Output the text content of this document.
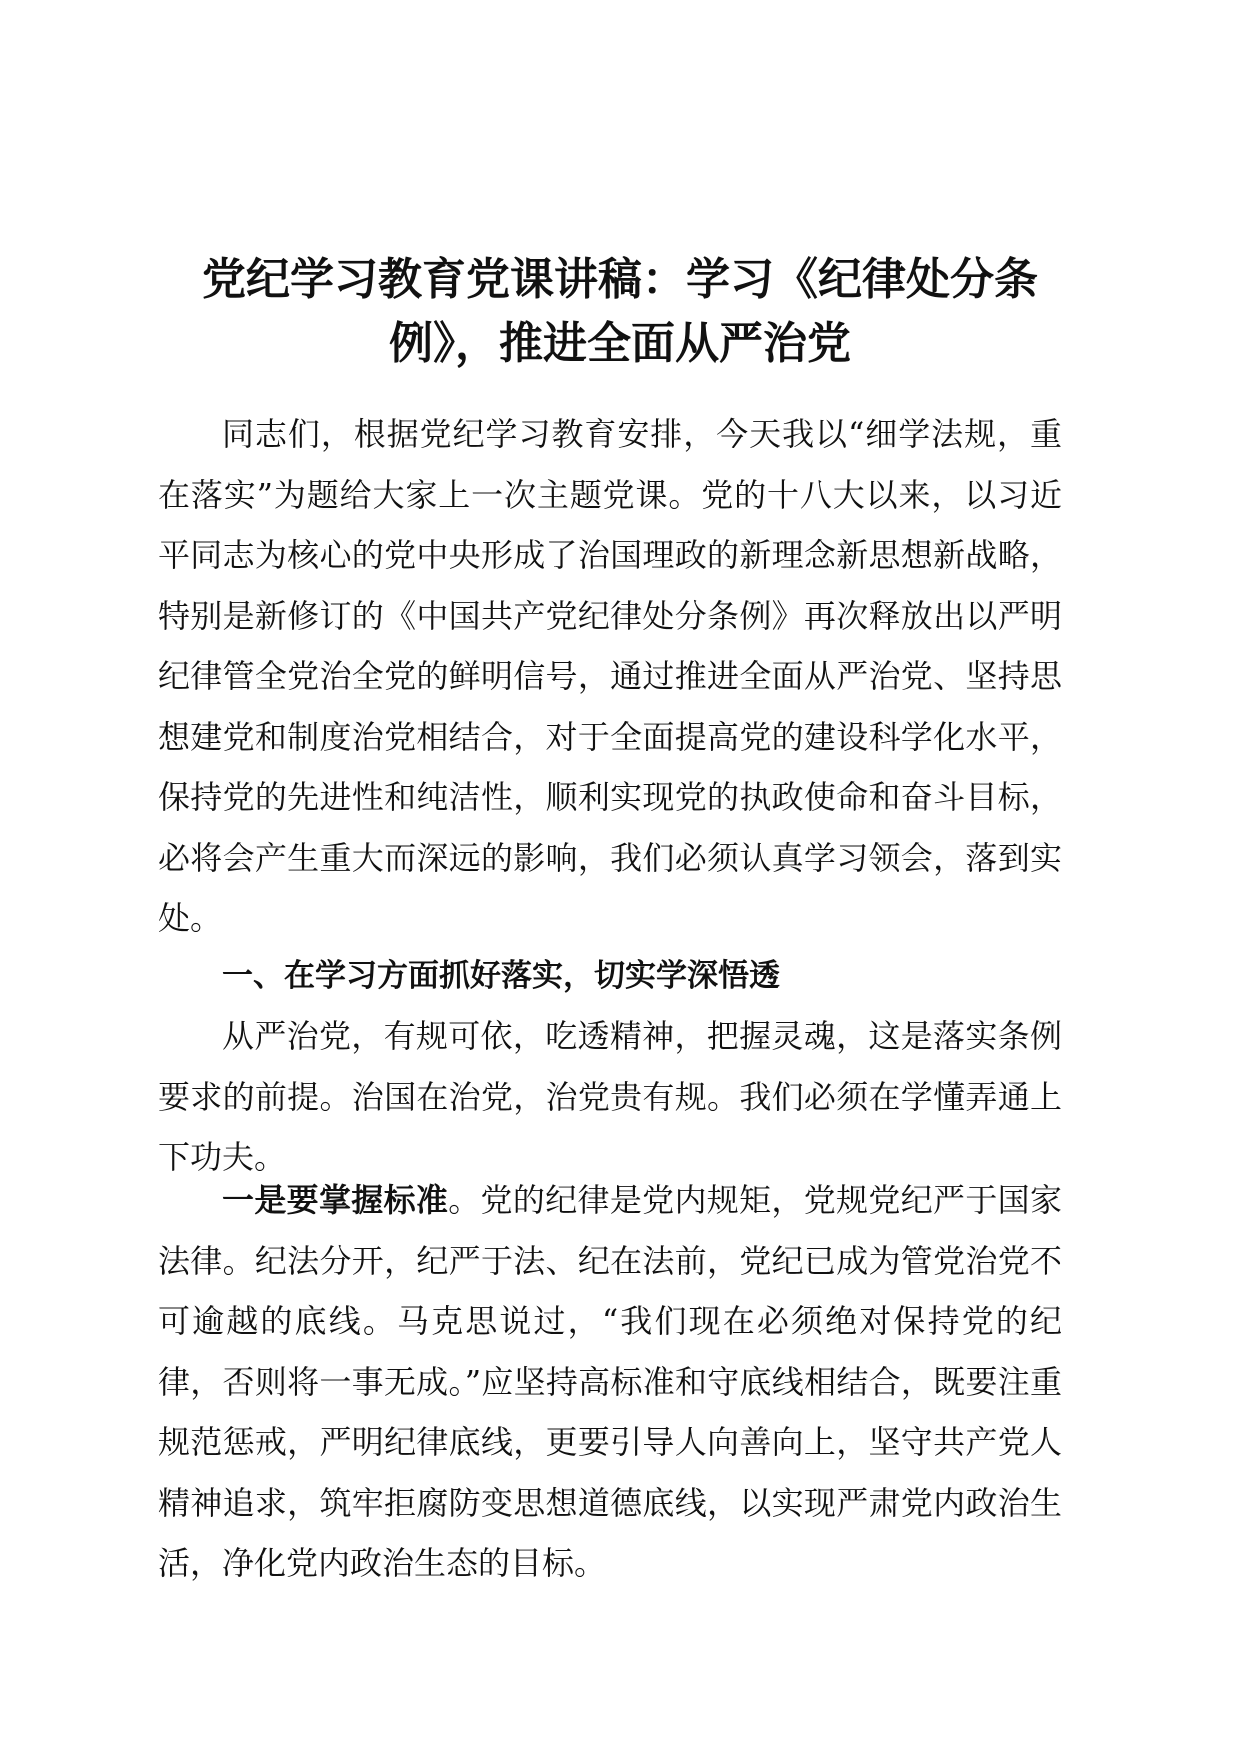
党纪学习教育党课讲稿：学习《纪律处分条
例》，推进全面从严治党

同志们，根据党纪学习教育安排，今天我以“细学法规，重在落实”为题给大家上一次主题党课。党的十八大以来，以习近平同志为核心的党中央形成了治国理政的新理念新思想新战略，特别是新修订的《中国共产党纪律处分条例》再次释放出以严明纪律管全党治全党的鲜明信号，通过推进全面从严治党、坚持思想建党和制度治党相结合，对于全面提高党的建设科学化水平，保持党的先进性和纯洁性，顺利实现党的执政使命和奋斗目标，必将会产生重大而深远的影响，我们必须认真学习领会，落到实处。

一、在学习方面抓好落实，切实学深悟透

从严治党，有规可依，吃透精神，把握灵魂，这是落实条例要求的前提。治国在治党，治党贵有规。我们必须在学懂弄通上下功夫。

一是要掌握标准。党的纪律是党内规矩，党规党纪严于国家法律。纪法分开，纪严于法、纪在法前，党纪已成为管党治党不可逾越的底线。马克思说过，“我们现在必须绝对保持党的纪律，否则将一事无成。”应坚持高标准和守底线相结合，既要注重规范惩戒，严明纪律底线，更要引导人向善向上，坚守共产党人精神追求，筑牢拒腐防变思想道德底线，以实现严肃党内政治生活，净化党内政治生态的目标。
